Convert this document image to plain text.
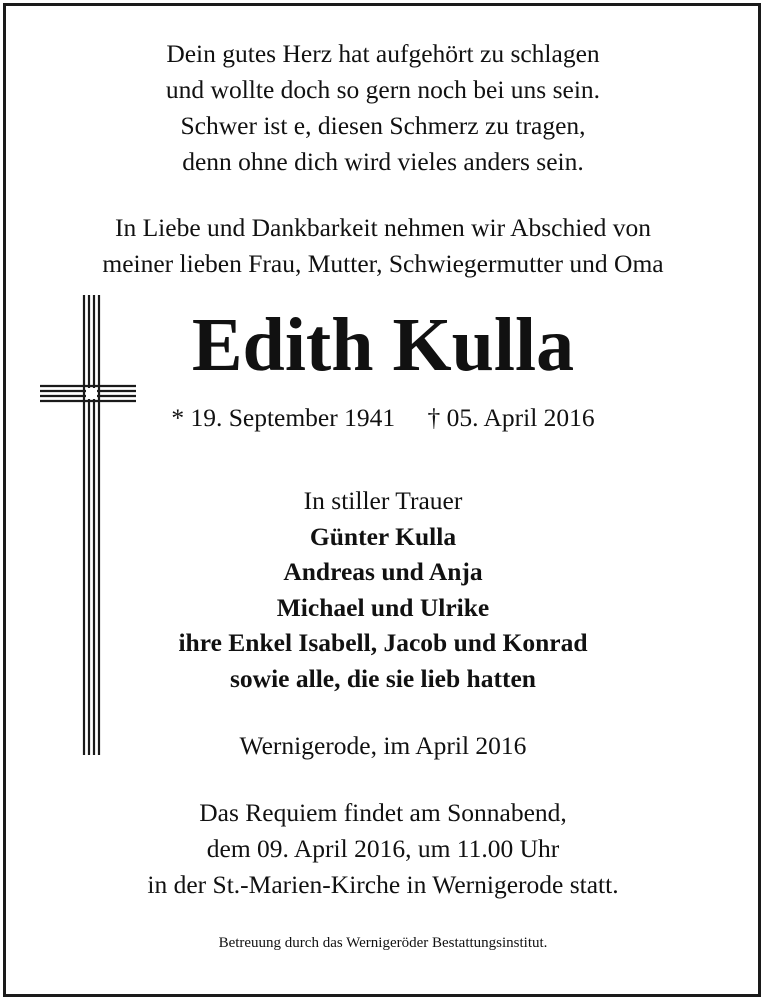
Dein gutes Herz hat aufgehört zu schlagen
und wollte doch so gern noch bei uns sein.
Schwer ist e, diesen Schmerz zu tragen,
denn ohne dich wird vieles anders sein.
In Liebe und Dankbarkeit nehmen wir Abschied von
meiner lieben Frau, Mutter, Schwiegermutter und Oma
Edith Kulla
* 19. September 1941 † 05. April 2016
In stiller Trauer
Günter Kulla
Andreas und Anja
Michael und Ulrike
ihre Enkel Isabell, Jacob und Konrad
sowie alle, die sie lieb hatten
Wernigerode, im April 2016
Das Requiem findet am Sonnabend,
dem 09. April 2016, um 11.00 Uhr
in der St.-Marien-Kirche in Wernigerode statt.
Betreuung durch das Wernigeröder Bestattungsinstitut.
